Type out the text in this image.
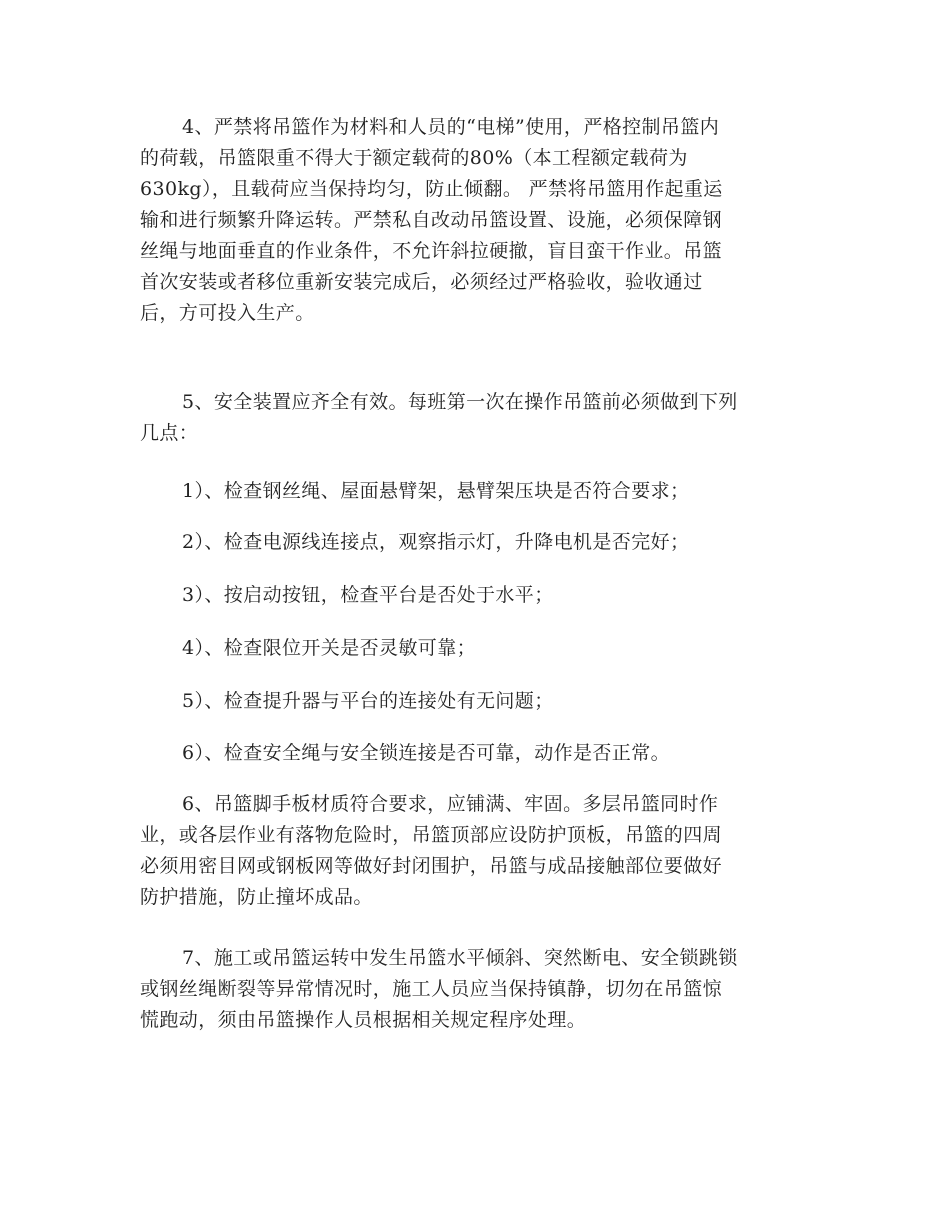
4、严禁将吊篮作为材料和人员的“电梯”使用，严格控制吊篮内
的荷载，吊篮限重不得大于额定载荷的80%（本工程额定载荷为
630kg），且载荷应当保持均匀，防止倾翻。 严禁将吊篮用作起重运
输和进行频繁升降运转。严禁私自改动吊篮设置、设施，必须保障钢
丝绳与地面垂直的作业条件，不允许斜拉硬撤，盲目蛮干作业。吊篮
首次安装或者移位重新安装完成后，必须经过严格验收，验收通过
后，方可投入生产。
5、安全装置应齐全有效。每班第一次在操作吊篮前必须做到下列
几点：
1）、检查钢丝绳、屋面悬臂架，悬臂架压块是否符合要求；
2）、检查电源线连接点，观察指示灯，升降电机是否完好；
3）、按启动按钮，检查平台是否处于水平；
4）、检查限位开关是否灵敏可靠；
5）、检查提升器与平台的连接处有无问题；
6）、检查安全绳与安全锁连接是否可靠，动作是否正常。
6、吊篮脚手板材质符合要求，应铺满、牢固。多层吊篮同时作
业，或各层作业有落物危险时，吊篮顶部应设防护顶板，吊篮的四周
必须用密目网或钢板网等做好封闭围护，吊篮与成品接触部位要做好
防护措施，防止撞坏成品。
7、施工或吊篮运转中发生吊篮水平倾斜、突然断电、安全锁跳锁
或钢丝绳断裂等异常情况时，施工人员应当保持镇静，切勿在吊篮惊
慌跑动，须由吊篮操作人员根据相关规定程序处理。
